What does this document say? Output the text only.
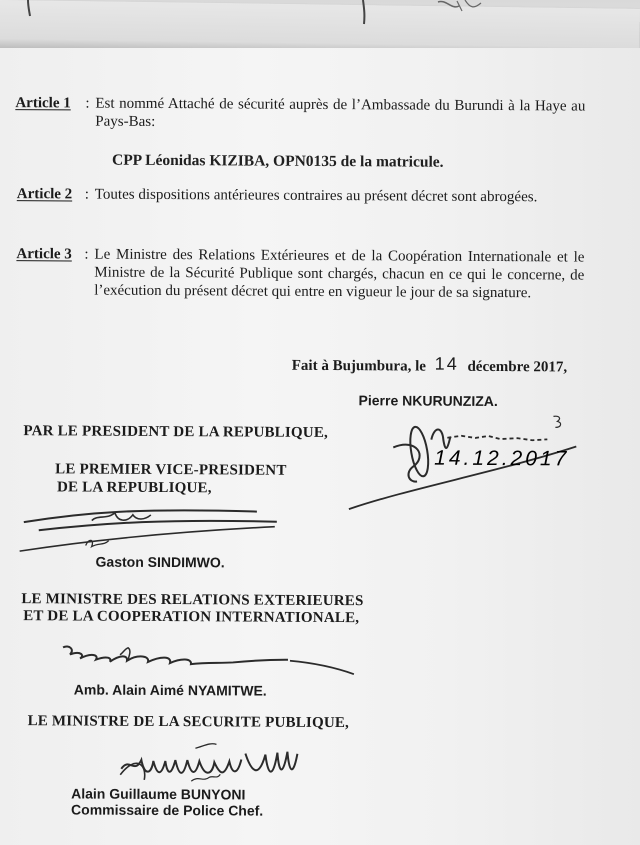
Article 1 : Est nommé Attaché de sécurité auprès de l’Ambassade du Burundi à la Haye au Pays-Bas:
CPP Léonidas KIZIBA, OPN0135 de la matricule.
Article 2 : Toutes dispositions antérieures contraires au présent décret sont abrogées.
Article 3 : Le Ministre des Relations Extérieures et de la Coopération Internationale et le Ministre de la Sécurité Publique sont chargés, chacun en ce qui le concerne, de l’exécution du présent décret qui entre en vigueur le jour de sa signature.
Fait à Bujumbura, le 14 décembre 2017,
Pierre NKURUNZIZA.
PAR LE PRESIDENT DE LA REPUBLIQUE,
14.12.2017
LE PREMIER VICE-PRESIDENT
DE LA REPUBLIQUE,
Gaston SINDIMWO.
LE MINISTRE DES RELATIONS EXTERIEURES
ET DE LA COOPERATION INTERNATIONALE,
Amb. Alain Aimé NYAMITWE.
LE MINISTRE DE LA SECURITE PUBLIQUE,
Alain Guillaume BUNYONI
Commissaire de Police Chef.
